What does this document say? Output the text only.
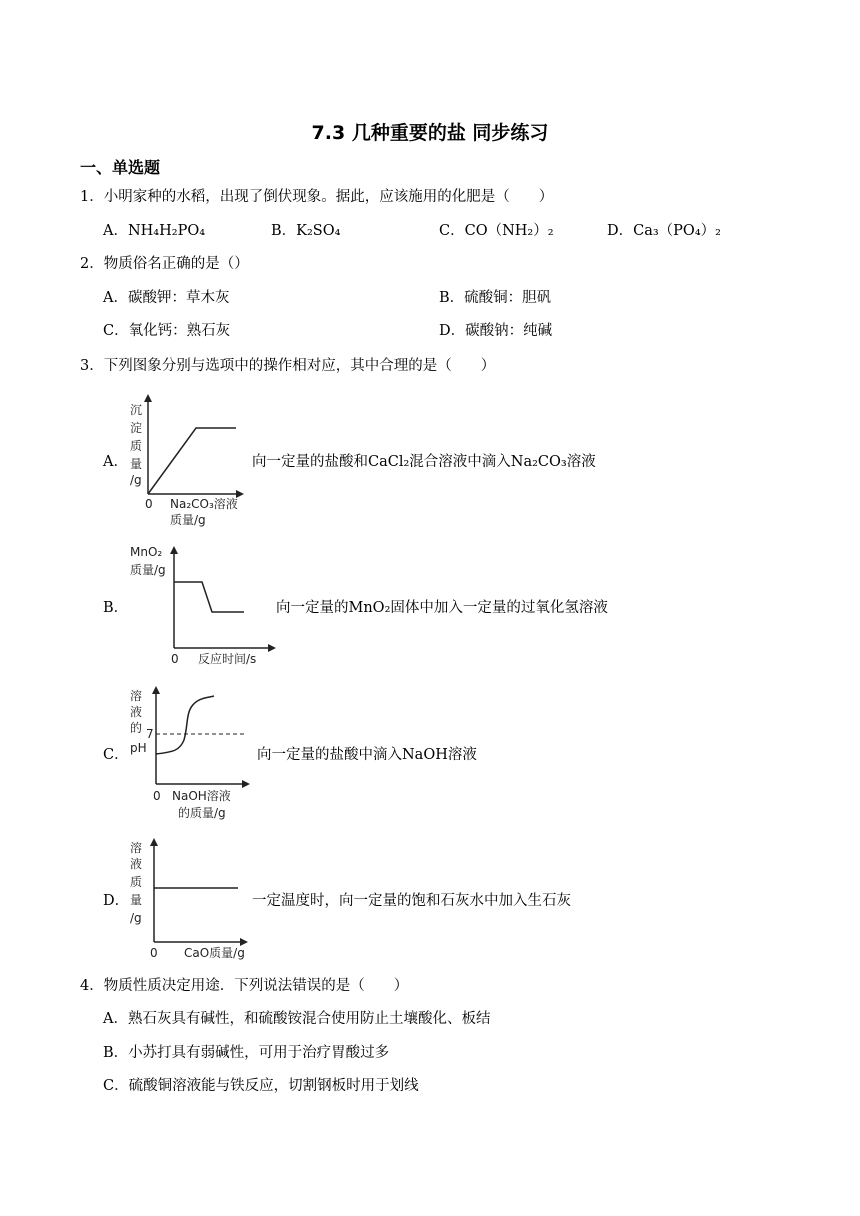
7.3 几种重要的盐 同步练习
一、单选题
1．小明家种的水稻，出现了倒伏现象。据此，应该施用的化肥是（　　）
A．NH₄H₂PO₄	B．K₂SO₄	C．CO（NH₂）₂	D．Ca₃（PO₄）₂
2．物质俗名正确的是（）
A．碳酸钾：草木灰	B．硫酸铜：胆矾
C．氧化钙：熟石灰	D．碳酸钠：纯碱
3．下列图象分别与选项中的操作相对应，其中合理的是（　　）
A．
沉
淀
质
量
/g
0 Na₂CO₃溶液
质量/g
向一定量的盐酸和CaCl₂混合溶液中滴入Na₂CO₃溶液
B．
MnO₂
质量/g
0 反应时间/s
向一定量的MnO₂固体中加入一定量的过氧化氢溶液
C．
溶
液
的
pH
7
0 NaOH溶液
的质量/g
向一定量的盐酸中滴入NaOH溶液
D．
溶
液
质
量
/g
0 CaO质量/g
一定温度时，向一定量的饱和石灰水中加入生石灰
4．物质性质决定用途．下列说法错误的是（　　）
A．熟石灰具有碱性，和硫酸铵混合使用防止土壤酸化、板结
B．小苏打具有弱碱性，可用于治疗胃酸过多
C．硫酸铜溶液能与铁反应，切割钢板时用于划线
